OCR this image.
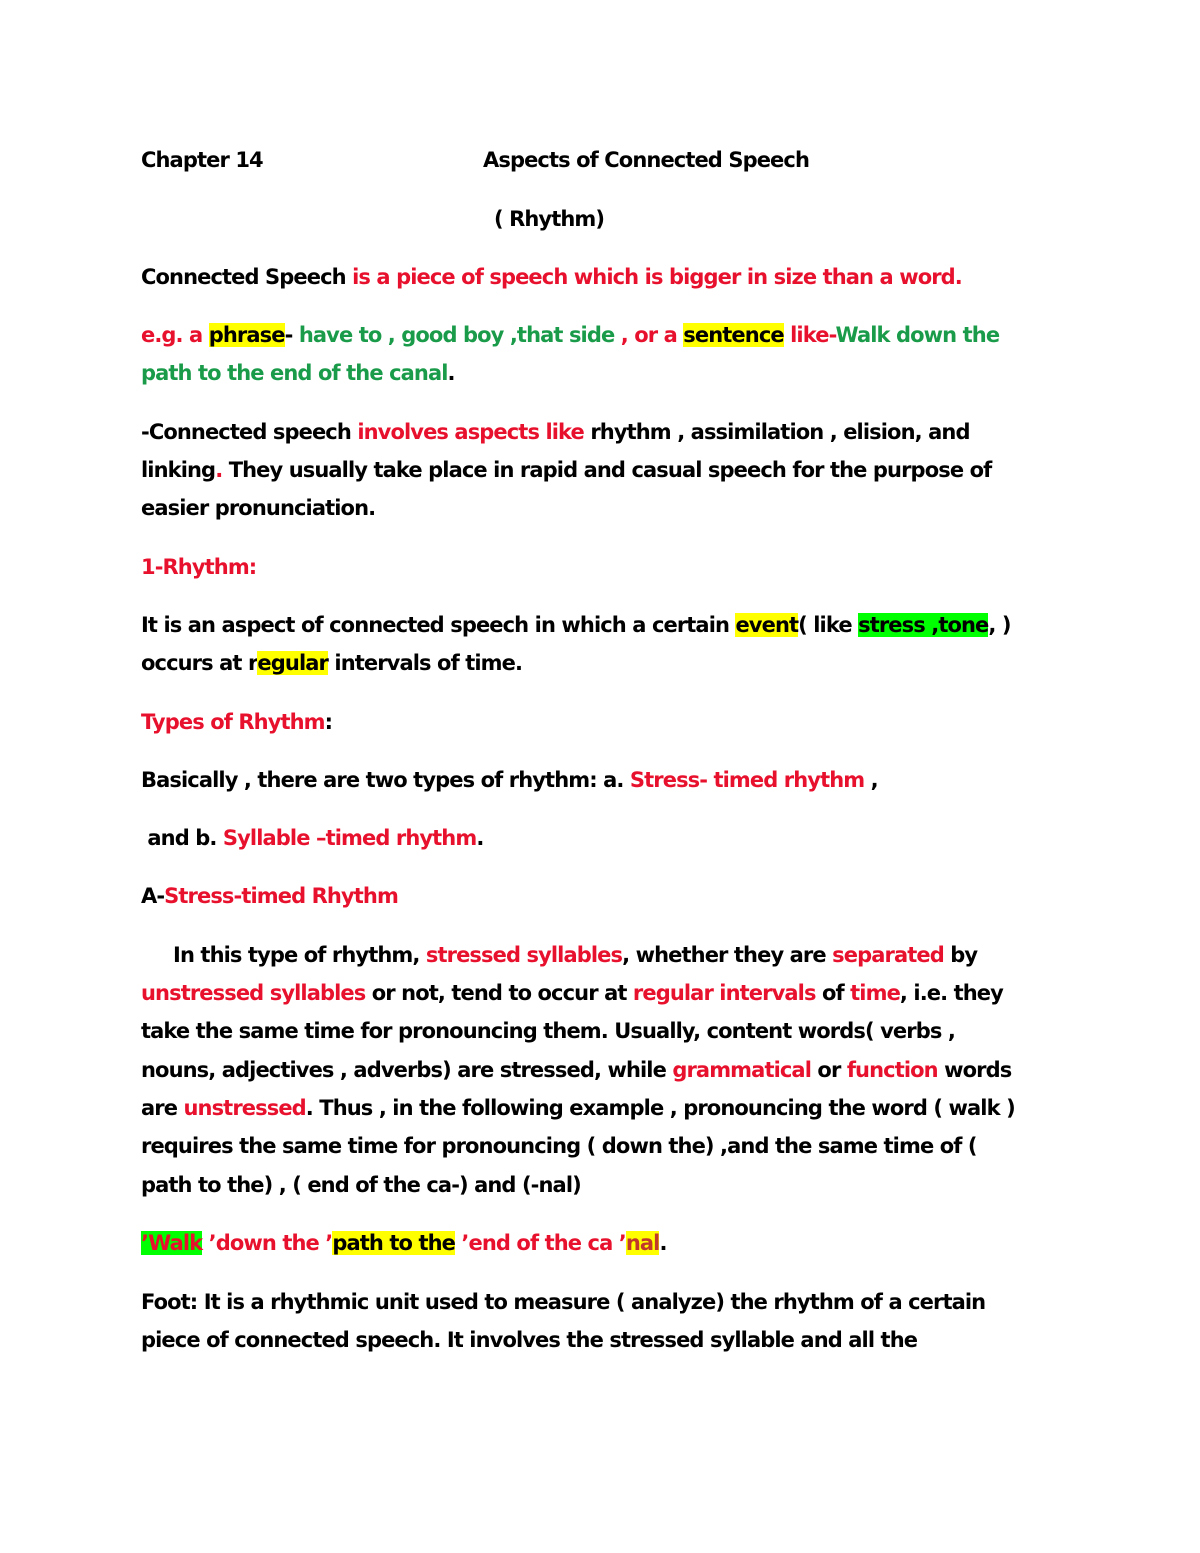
Chapter 14	Aspects of Connected Speech
( Rhythm)
Connected Speech is a piece of speech which is bigger in size than a word.
e.g. a phrase- have to , good boy ,that side , or a sentence like-Walk down the
path to the end of the canal.
-Connected speech involves aspects like rhythm , assimilation , elision, and
linking. They usually take place in rapid and casual speech for the purpose of
easier pronunciation.
1-Rhythm:
It is an aspect of connected speech in which a certain event( like stress ,tone, )
occurs at regular intervals of time.
Types of Rhythm:
Basically , there are two types of rhythm: a. Stress- timed rhythm ,
and b. Syllable –timed rhythm.
A-Stress-timed Rhythm
In this type of rhythm, stressed syllables, whether they are separated by
unstressed syllables or not, tend to occur at regular intervals of time, i.e. they
take the same time for pronouncing them. Usually, content words( verbs ,
nouns, adjectives , adverbs) are stressed, while grammatical or function words
are unstressed. Thus , in the following example , pronouncing the word ( walk )
requires the same time for pronouncing ( down the) ,and the same time of (
path to the) , ( end of the ca-) and (-nal)
’Walk ’down the ’path to the ’end of the ca ’nal.
Foot: It is a rhythmic unit used to measure ( analyze) the rhythm of a certain
piece of connected speech. It involves the stressed syllable and all the
